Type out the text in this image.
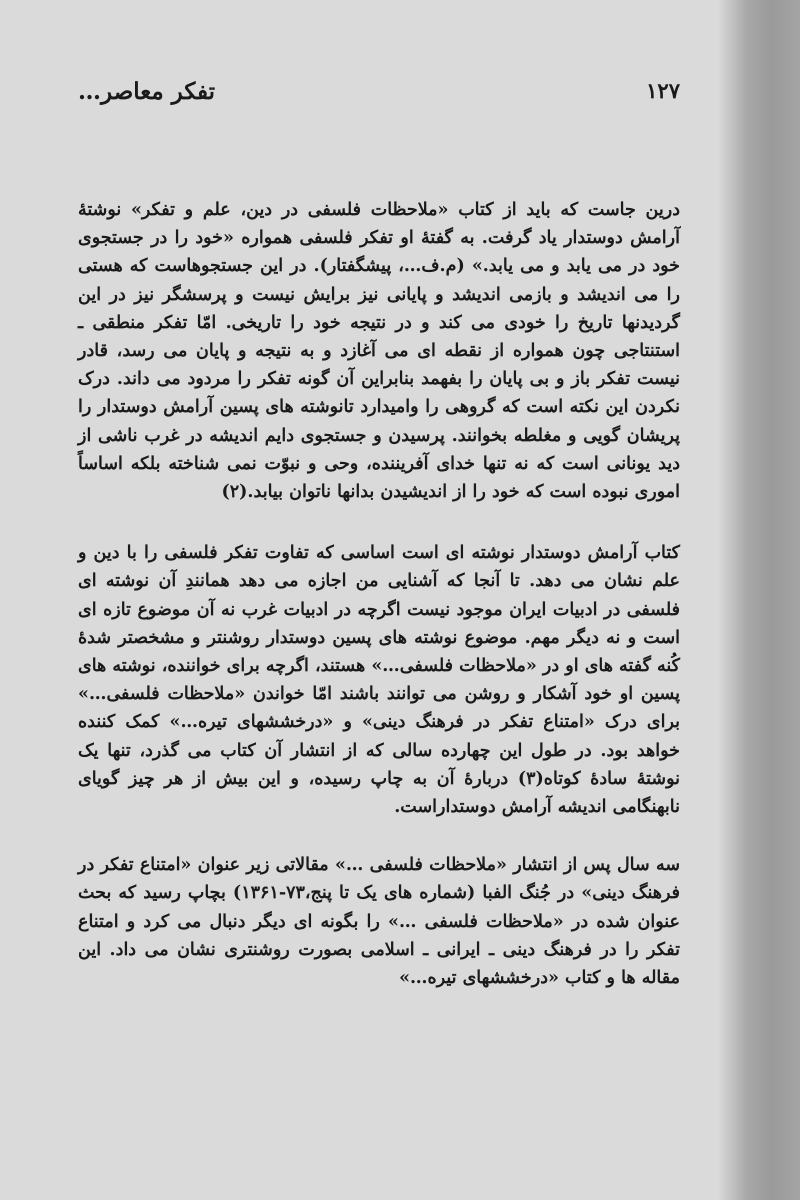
۱۲۷
تفکر معاصر…

درین جاست که باید از کتاب «ملاحظات فلسفی در دین، علم و تفکر» نوشتۀ آرامش دوستدار یاد گرفت. به گفتۀ او تفکر فلسفی همواره «خود را در جستجوی خود در می یابد و می یابد.» (م.ف…، پیشگفتار). در این جستجوهاست که هستی را می اندیشد و بازمی اندیشد و پایانی نیز برایش نیست و پرسشگر نیز در این گردیدنها تاریخ را خودی می کند و در نتیجه خود را تاریخی. امّا تفکر منطقی ـ استنتاجی چون همواره از نقطه ای می آغازد و به نتیجه و پایان می رسد، قادر نیست تفکر باز و بی پایان را بفهمد بنابراین آن گونه تفکر را مردود می داند. درک نکردن این نکته است که گروهی را وامیدارد تانوشته های پسین آرامش دوستدار را پریشان گویی و مغلطه بخوانند. پرسیدن و جستجوی دایم اندیشه در غرب ناشی از دید یونانی است که نه تنها خدای آفریننده، وحی و نبوّت نمی شناخته بلکه اساساً اموری نبوده است که خود را از اندیشیدن بدانها ناتوان بیابد.(۲)

کتاب آرامش دوستدار نوشته ای است اساسی که تفاوت تفکر فلسفی را با دین و علم نشان می دهد. تا آنجا که آشنایی من اجازه می دهد همانندِ آن نوشته ای فلسفی در ادبیات ایران موجود نیست اگرچه در ادبیات غرب نه آن موضوع تازه ای است و نه دیگر مهم. موضوع نوشته های پسین دوستدار روشنتر و مشخصتر شدۀ کُنه گفته های او در «ملاحظات فلسفی…» هستند، اگرچه برای خواننده، نوشته های پسین او خود آشکار و روشن می توانند باشند امّا خواندن «ملاحظات فلسفی…» برای درک «امتناع تفکر در فرهنگ دینی» و «درخششهای تیره…» کمک کننده خواهد بود. در طول این چهارده سالی که از انتشار آن کتاب می گذرد، تنها یک نوشتۀ سادۀ کوتاه(۳) دربارۀ آن به چاپ رسیده، و این بیش از هر چیز گویای نابهنگامی اندیشه آرامش دوستداراست.

سه سال پس از انتشار «ملاحظات فلسفی …» مقالاتی زیر عنوان «امتناع تفکر در فرهنگ دینی» در جُنگ الفبا (شماره های یک تا پنج،۷۳-۱۳۶۱) بچاپ رسید که بحث عنوان شده در «ملاحظات فلسفی …» را بگونه ای دیگر دنبال می کرد و امتناع تفکر را در فرهنگ دینی ـ ایرانی ـ اسلامی بصورت روشنتری نشان می داد. این مقاله ها و کتاب «درخششهای تیره…»
